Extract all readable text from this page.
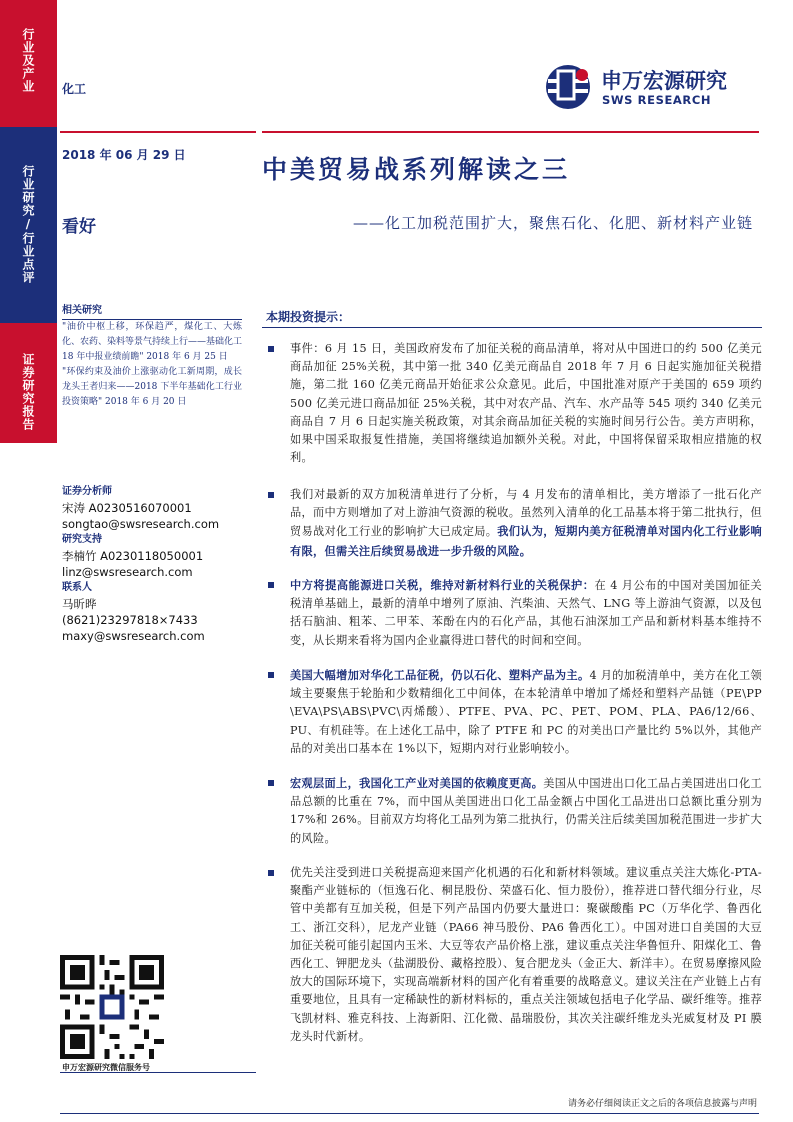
行业及产业
行业研究/行业点评
证券研究报告
化工	申万宏源研究
SWS RESEARCH
2018 年 06 月 29 日
看好
中美贸易战系列解读之三
——化工加税范围扩大，聚焦石化、化肥、新材料产业链
相关研究
"油价中枢上移，环保趋严，煤化工、大炼化、农药、染料等景气持续上行——基础化工 18 年中报业绩前瞻" 2018 年 6 月 25 日
"环保约束及油价上涨驱动化工新周期，成长龙头王者归来——2018 下半年基础化工行业投资策略" 2018 年 6 月 20 日
证券分析师
宋涛 A0230516070001
songtao@swsresearch.com
研究支持
李楠竹 A0230118050001
linz@swsresearch.com
联系人
马昕晔
(8621)23297818×7433
maxy@swsresearch.com
申万宏源研究微信服务号
本期投资提示：
事件：6 月 15 日，美国政府发布了加征关税的商品清单，将对从中国进口的约 500 亿美元商品加征 25%关税，其中第一批 340 亿美元商品自 2018 年 7 月 6 日起实施加征关税措施，第二批 160 亿美元商品开始征求公众意见。此后，中国批准对原产于美国的 659 项约 500 亿美元进口商品加征 25%关税，其中对农产品、汽车、水产品等 545 项约 340 亿美元商品自 7 月 6 日起实施关税政策，对其余商品加征关税的实施时间另行公告。美方声明称，如果中国采取报复性措施，美国将继续追加额外关税。对此，中国将保留采取相应措施的权利。
我们对最新的双方加税清单进行了分析，与 4 月发布的清单相比，美方增添了一批石化产品，而中方则增加了对上游油气资源的税收。虽然列入清单的化工品基本将于第二批执行，但贸易战对化工行业的影响扩大已成定局。我们认为，短期内美方征税清单对国内化工行业影响有限，但需关注后续贸易战进一步升级的风险。
中方将提高能源进口关税，维持对新材料行业的关税保护：在 4 月公布的中国对美国加征关税清单基础上，最新的清单中增列了原油、汽柴油、天然气、LNG 等上游油气资源，以及包括石脑油、粗苯、二甲苯、苯酚在内的石化产品，其他石油深加工产品和新材料基本维持不变，从长期来看将为国内企业赢得进口替代的时间和空间。
美国大幅增加对华化工品征税，仍以石化、塑料产品为主。4 月的加税清单中，美方在化工领域主要聚焦于轮胎和少数精细化工中间体，在本轮清单中增加了烯烃和塑料产品链（PE\PP \EVA\PS\ABS\PVC\丙烯酸）、PTFE、PVA、PC、PET、POM、PLA、PA6/12/66、PU、有机硅等。在上述化工品中，除了 PTFE 和 PC 的对美出口产量比约 5%以外，其他产品的对美出口基本在 1%以下，短期内对行业影响较小。
宏观层面上，我国化工产业对美国的依赖度更高。美国从中国进出口化工品占美国进出口化工品总额的比重在 7%，而中国从美国进出口化工品金额占中国化工品进出口总额比重分别为 17%和 26%。目前双方均将化工品列为第二批执行，仍需关注后续美国加税范围进一步扩大的风险。
优先关注受到进口关税提高迎来国产化机遇的石化和新材料领域。建议重点关注大炼化-PTA-聚酯产业链标的（恒逸石化、桐昆股份、荣盛石化、恒力股份），推荐进口替代细分行业，尽管中美都有互加关税，但是下列产品国内仍要大量进口：聚碳酸酯 PC（万华化学、鲁西化工、浙江交科），尼龙产业链（PA66 神马股份、PA6 鲁西化工）。中国对进口自美国的大豆加征关税可能引起国内玉米、大豆等农产品价格上涨，建议重点关注华鲁恒升、阳煤化工、鲁西化工、钾肥龙头（盐湖股份、藏格控股）、复合肥龙头（金正大、新洋丰）。在贸易摩擦风险放大的国际环境下，实现高端新材料的国产化有着重要的战略意义。建议关注在产业链上占有重要地位，且具有一定稀缺性的新材料标的，重点关注领域包括电子化学品、碳纤维等。推荐飞凯材料、雅克科技、上海新阳、江化微、晶瑞股份，其次关注碳纤维龙头光威复材及 PI 膜龙头时代新材。
请务必仔细阅读正文之后的各项信息披露与声明
